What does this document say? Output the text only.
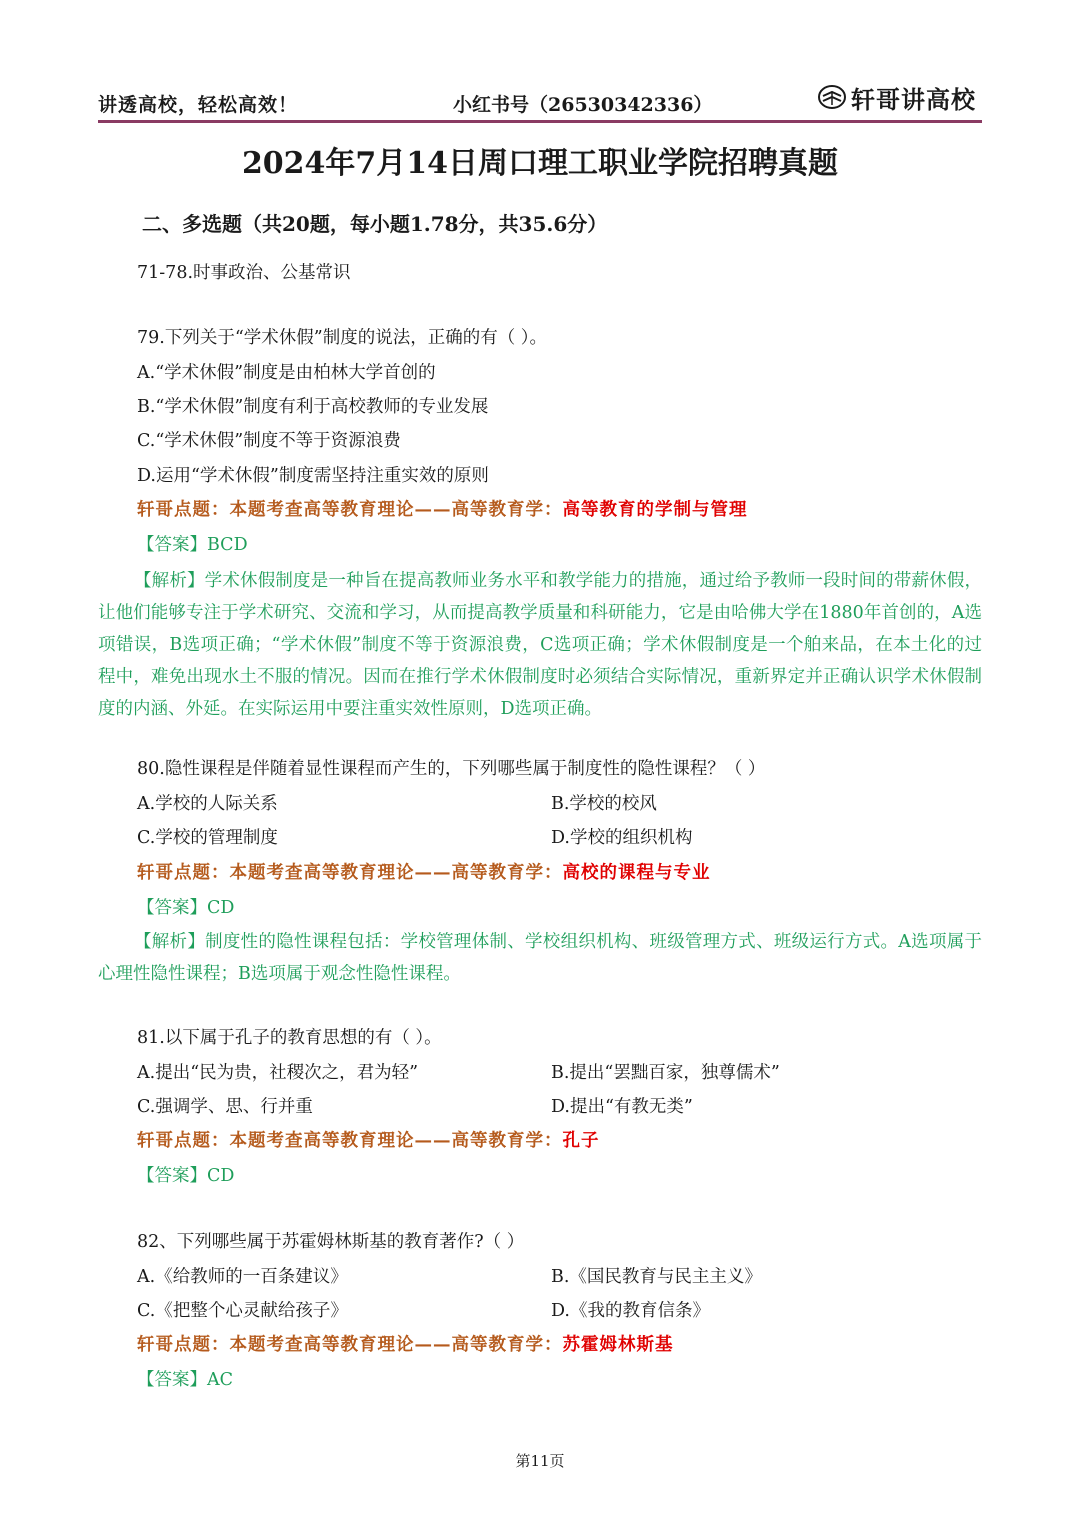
讲透高校，轻松高效！	小红书号（26530342336）	轩哥讲高校
2024年7月14日周口理工职业学院招聘真题
二、多选题（共20题，每小题1.78分，共35.6分）
71-78.时事政治、公基常识
79.下列关于“学术休假”制度的说法，正确的有（ ）。
A.“学术休假”制度是由柏林大学首创的
B.“学术休假”制度有利于高校教师的专业发展
C.“学术休假”制度不等于资源浪费
D.运用“学术休假”制度需坚持注重实效的原则
轩哥点题：本题考查高等教育理论——高等教育学：高等教育的学制与管理
【答案】BCD
【解析】学术休假制度是一种旨在提高教师业务水平和教学能力的措施，通过给予教师一段时间的带薪休假，让他们能够专注于学术研究、交流和学习，从而提高教学质量和科研能力，它是由哈佛大学在1880年首创的，A选项错误，B选项正确；“学术休假”制度不等于资源浪费，C选项正确；学术休假制度是一个舶来品，在本土化的过程中，难免出现水土不服的情况。因而在推行学术休假制度时必须结合实际情况，重新界定并正确认识学术休假制度的内涵、外延。在实际运用中要注重实效性原则，D选项正确。
80.隐性课程是伴随着显性课程而产生的，下列哪些属于制度性的隐性课程？（ ）
A.学校的人际关系	B.学校的校风
C.学校的管理制度	D.学校的组织机构
轩哥点题：本题考查高等教育理论——高等教育学：高校的课程与专业
【答案】CD
【解析】制度性的隐性课程包括：学校管理体制、学校组织机构、班级管理方式、班级运行方式。A选项属于心理性隐性课程；B选项属于观念性隐性课程。
81.以下属于孔子的教育思想的有（ ）。
A.提出“民为贵，社稷次之，君为轻”	B.提出“罢黜百家，独尊儒术”
C.强调学、思、行并重	D.提出“有教无类”
轩哥点题：本题考查高等教育理论——高等教育学：孔子
【答案】CD
82、下列哪些属于苏霍姆林斯基的教育著作?（ ）
A.《给教师的一百条建议》	B.《国民教育与民主主义》
C.《把整个心灵献给孩子》	D.《我的教育信条》
轩哥点题：本题考查高等教育理论——高等教育学：苏霍姆林斯基
【答案】AC
第11页
